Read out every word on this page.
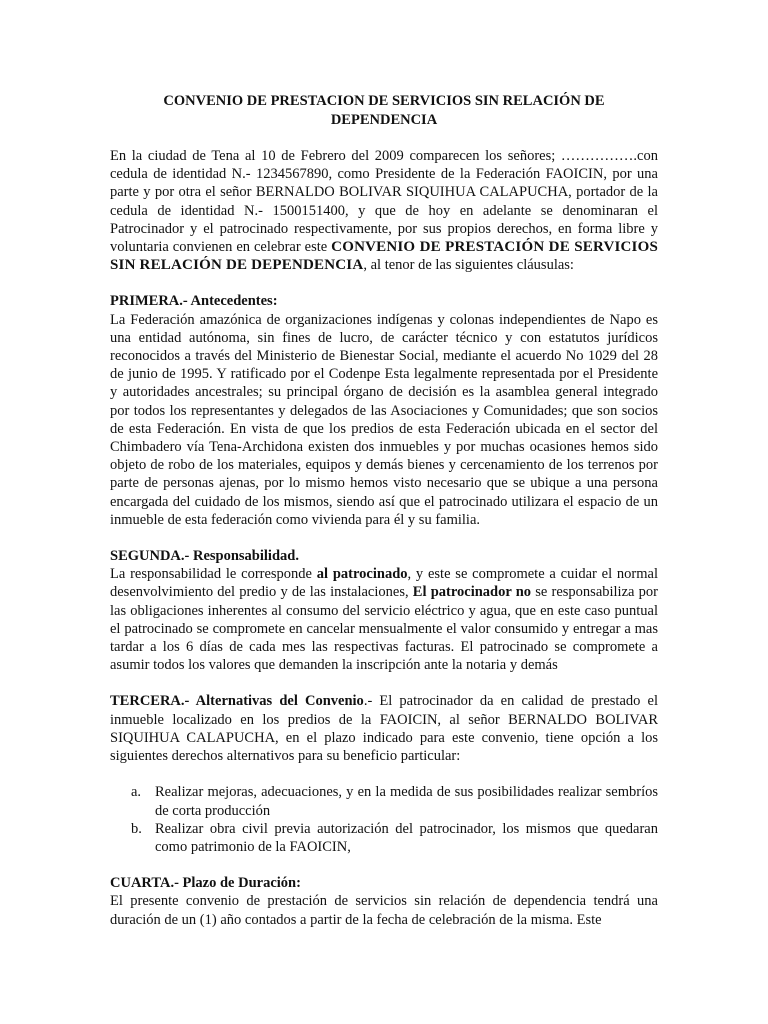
CONVENIO DE PRESTACION DE SERVICIOS SIN RELACIÓN DE
DEPENDENCIA

En la ciudad de Tena al 10 de Febrero del 2009 comparecen los señores; …………….con cedula de identidad N.- 1234567890, como Presidente de la Federación FAOICIN, por una parte y por otra el señor BERNALDO BOLIVAR SIQUIHUA CALAPUCHA, portador de la cedula de identidad N.- 1500151400, y que de hoy en adelante se denominaran el Patrocinador y el patrocinado respectivamente, por sus propios derechos, en forma libre y voluntaria convienen en celebrar este CONVENIO DE PRESTACIÓN DE SERVICIOS SIN RELACIÓN DE DEPENDENCIA, al tenor de las siguientes cláusulas:

PRIMERA.- Antecedentes:

La Federación amazónica de organizaciones indígenas y colonas independientes de Napo es una entidad autónoma, sin fines de lucro, de carácter técnico y con estatutos jurídicos reconocidos a través del Ministerio de Bienestar Social, mediante el acuerdo No 1029 del 28 de junio de 1995. Y ratificado por el Codenpe Esta legalmente representada por el Presidente y autoridades ancestrales; su principal órgano de decisión es la asamblea general integrado por todos los representantes y delegados de las Asociaciones y Comunidades; que son socios de esta Federación. En vista de que los predios de esta Federación ubicada en el sector del Chimbadero vía Tena-Archidona existen dos inmuebles y por muchas ocasiones hemos sido objeto de robo de los materiales, equipos y demás bienes y cercenamiento de los terrenos por parte de personas ajenas, por lo mismo hemos visto necesario que se ubique a una persona encargada del cuidado de los mismos, siendo así que el patrocinado utilizara el espacio de un inmueble de esta federación como vivienda para él y su familia.

SEGUNDA.- Responsabilidad.

La responsabilidad le corresponde al patrocinado, y este se compromete a cuidar el normal desenvolvimiento del predio y de las instalaciones, El patrocinador no se responsabiliza por las obligaciones inherentes al consumo del servicio eléctrico y agua, que en este caso puntual el patrocinado se compromete en cancelar mensualmente el valor consumido y entregar a mas tardar a los 6 días de cada mes las respectivas facturas. El patrocinado se compromete a asumir todos los valores que demanden la inscripción ante la notaria y demás

TERCERA.- Alternativas del Convenio.- El patrocinador da en calidad de prestado el inmueble localizado en los predios de la FAOICIN, al señor BERNALDO BOLIVAR SIQUIHUA CALAPUCHA, en el plazo indicado para este convenio, tiene opción a los siguientes derechos alternativos para su beneficio particular:

a. Realizar mejoras, adecuaciones, y en la medida de sus posibilidades realizar sembríos de corta producción
b. Realizar obra civil previa autorización del patrocinador, los mismos que quedaran como patrimonio de la FAOICIN,
CUARTA.- Plazo de Duración:

El presente convenio de prestación de servicios sin relación de dependencia tendrá una duración de un (1) año contados a partir de la fecha de celebración de la misma. Este
